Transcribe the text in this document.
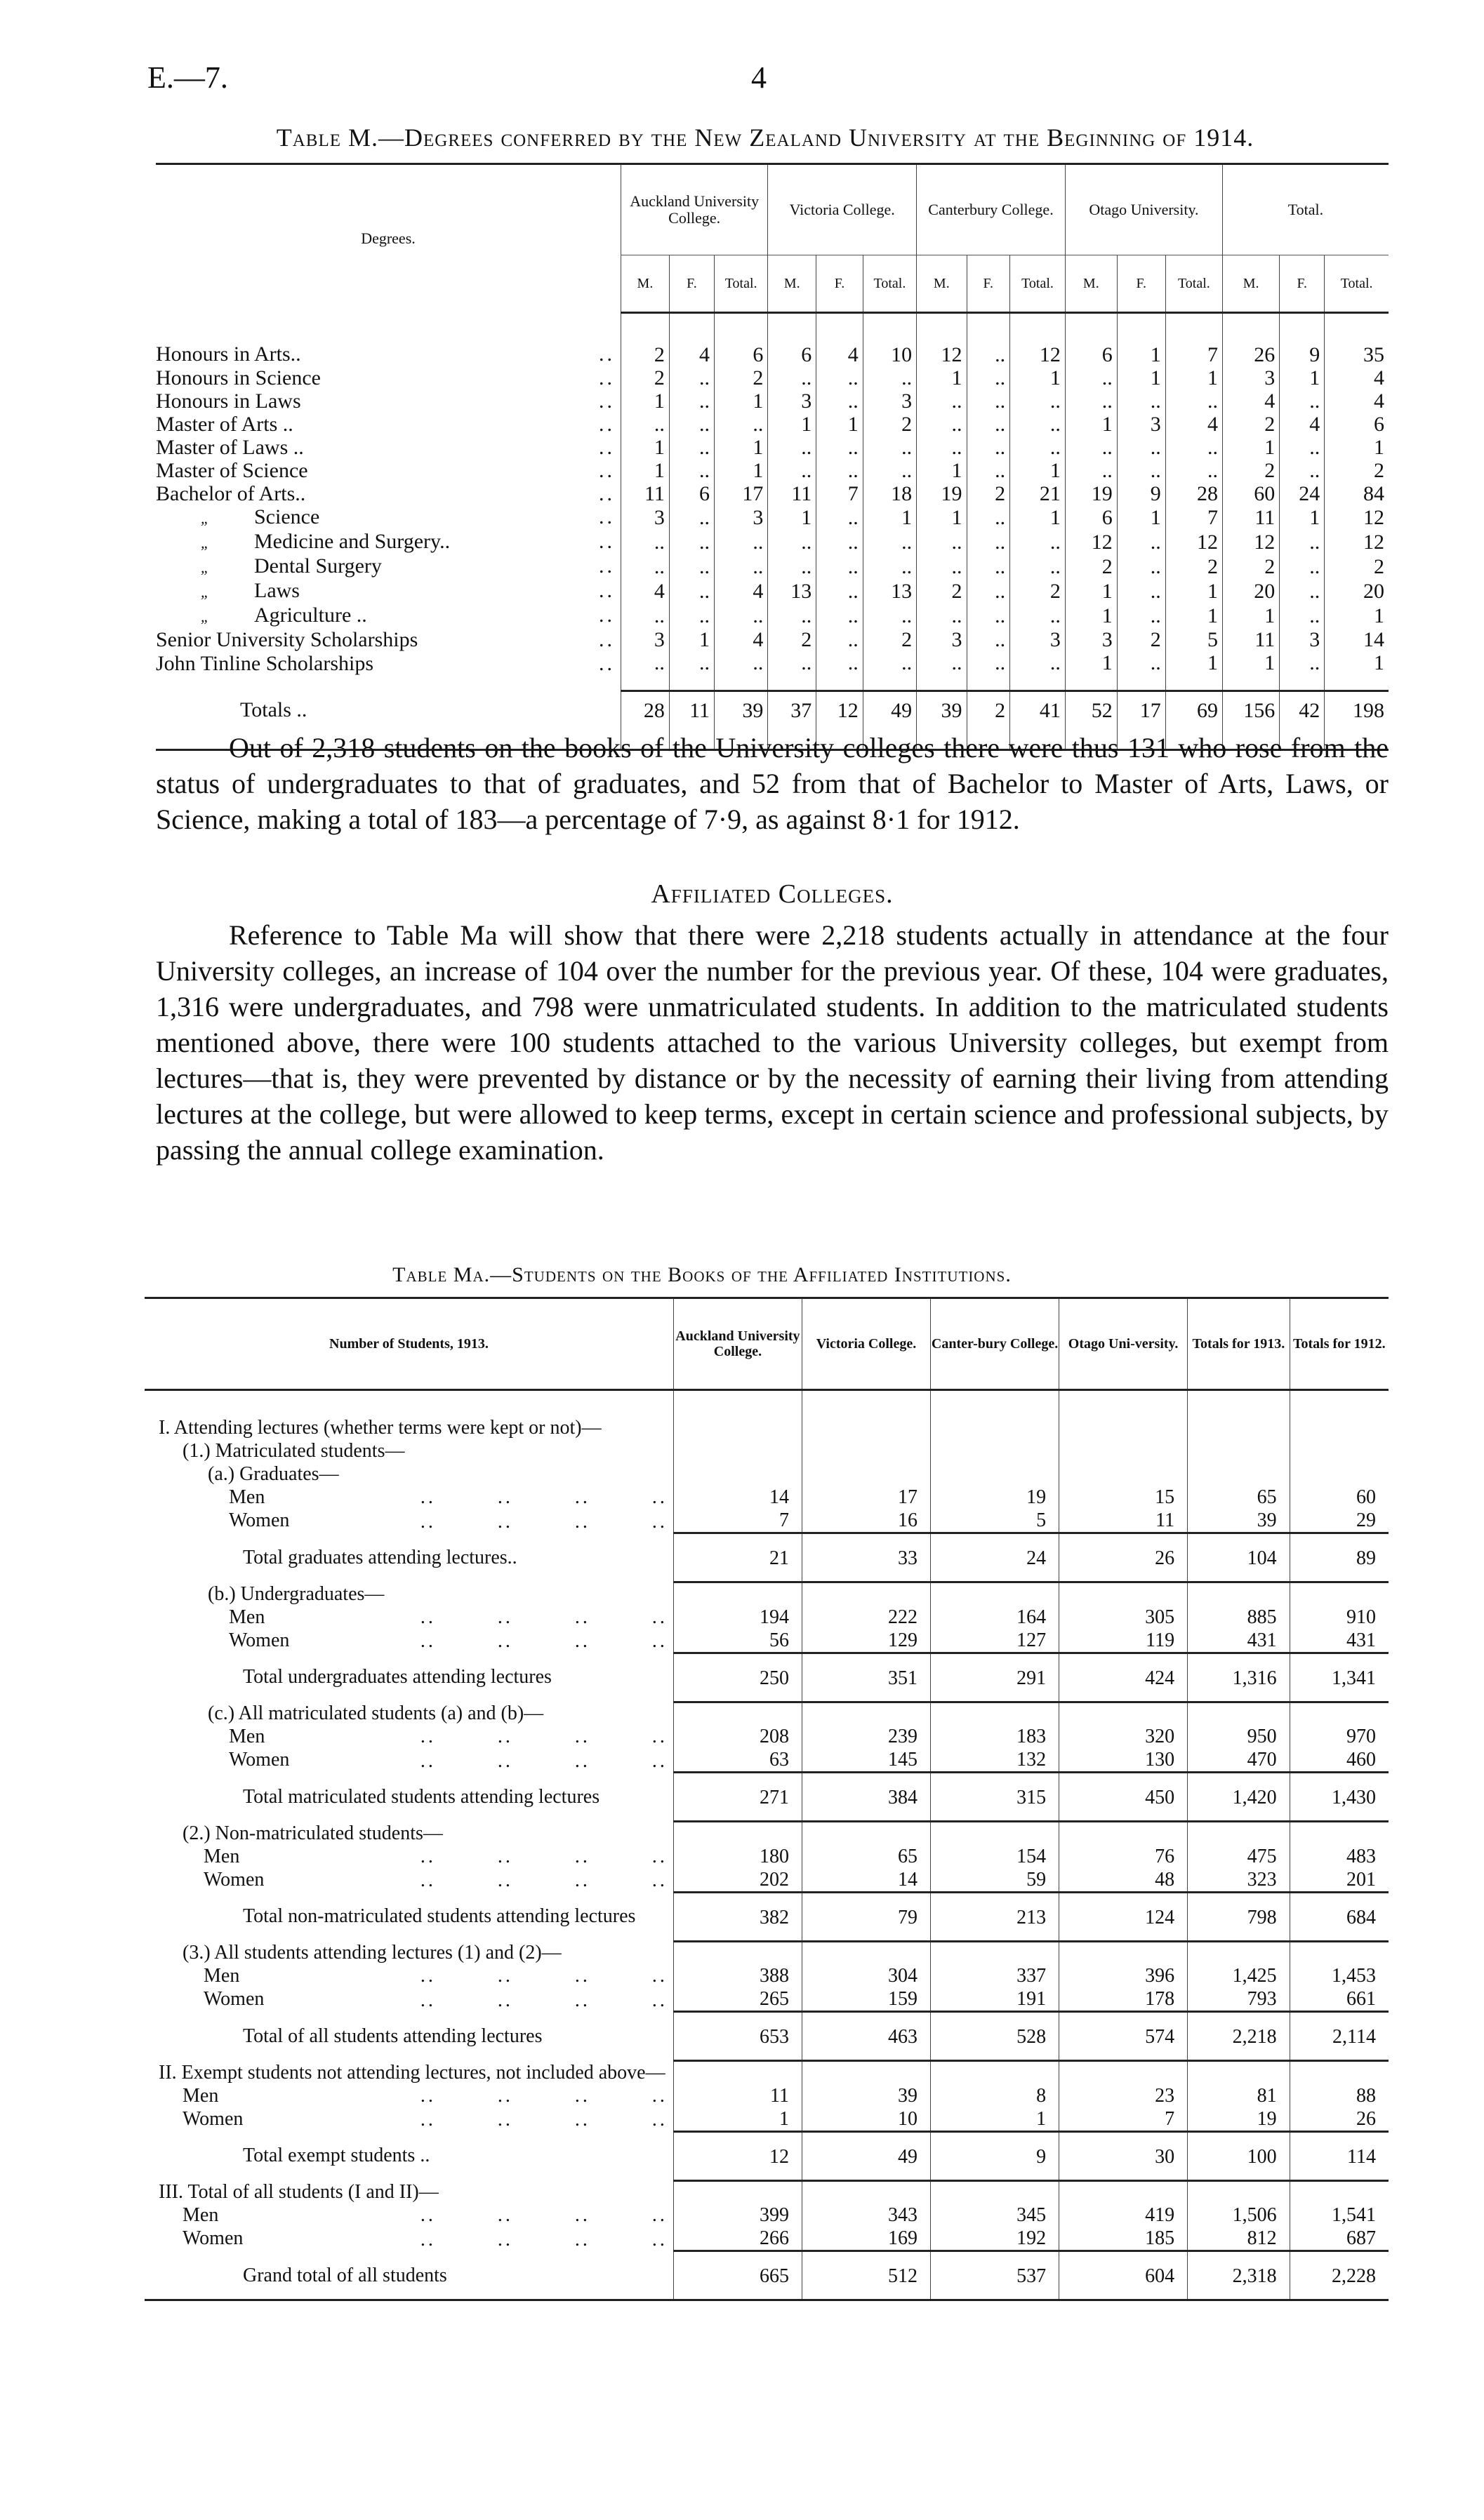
E.—7.	4
Table M.—Degrees conferred by the New Zealand University at the Beginning of 1914.
Degrees.	Auckland University College.			Victoria College.			Canterbury College.			Otago University.			Total.		
	M.	F.	Total.	M.	F.	Total.	M.	F.	Total.	M.	F.	Total.	M.	F.	Total.
Honours in Arts.. ..	2	4	6	6	4	10	12	..	12	6	1	7	26	9	35
Honours in Science ..	2	..	2	..	..	..	1	..	1	..	1	1	3	1	4
Honours in Laws ..	1	..	1	3	..	3	..	..	..	..	..	..	4	..	4
Master of Arts .. ..	..	..	..	1	1	2	..	..	..	1	3	4	2	4	6
Master of Laws .. ..	1	..	1	..	..	..	..	..	..	..	..	..	1	..	1
Master of Science ..	1	..	1	..	..	..	1	..	1	..	..	..	2	..	2
Bachelor of Arts.. ..	11	6	17	11	7	18	19	2	21	19	9	28	60	24	84
„ Science ..	3	..	3	1	..	1	1	..	1	6	1	7	11	1	12
„ Medicine and Surgery.. ..	..	..	..	..	..	..	..	..	..	12	..	12	12	..	12
„ Dental Surgery ..	..	..	..	..	..	..	..	..	..	2	..	2	2	..	2
„ Laws ..	4	..	4	13	..	13	2	..	2	1	..	1	20	..	20
„ Agriculture .. ..	..	..	..	..	..	..	..	..	..	1	..	1	1	..	1
Senior University Scholarships ..	3	1	4	2	..	2	3	..	3	3	2	5	11	3	14
John Tinline Scholarships ..	..	..	..	..	..	..	..	..	..	1	..	1	1	..	1
Totals ..	28	11	39	37	12	49	39	2	41	52	17	69	156	42	198
Out of 2,318 students on the books of the University colleges there were thus 131 who rose from the status of undergraduates to that of graduates, and 52 from that of Bachelor to Master of Arts, Laws, or Science, making a total of 183—a percentage of 7·9, as against 8·1 for 1912.
Affiliated Colleges.
Reference to Table Ma will show that there were 2,218 students actually in attendance at the four University colleges, an increase of 104 over the number for the previous year. Of these, 104 were graduates, 1,316 were undergraduates, and 798 were unmatriculated students. In addition to the matriculated students mentioned above, there were 100 students attached to the various University colleges, but exempt from lectures—that is, they were prevented by distance or by the necessity of earning their living from attending lectures at the college, but were allowed to keep terms, except in certain science and professional subjects, by passing the annual college examination.
Table Ma.—Students on the Books of the Affiliated Institutions.
Number of Students, 1913.	Auckland University College.	Victoria College.	Canter-bury College.	Otago Uni-versity.	Totals for 1913.	Totals for 1912.

I. Attending lectures (whether terms were kept or not)—						
(1.) Matriculated students—						
(a.) Graduates—						
Men ..        ..        ..        ..	14	17	19	15	65	60
Women ..        ..        ..        ..	7	16	5	11	39	29
Total graduates attending lectures..	21	33	24	26	104	89
(b.) Undergraduates—						
Men ..        ..        ..        ..	194	222	164	305	885	910
Women ..        ..        ..        ..	56	129	127	119	431	431
Total undergraduates attending lectures	250	351	291	424	1,316	1,341
(c.) All matriculated students (a) and (b)—						
Men ..        ..        ..        ..	208	239	183	320	950	970
Women ..        ..        ..        ..	63	145	132	130	470	460
Total matriculated students attending lectures	271	384	315	450	1,420	1,430
(2.) Non-matriculated students—						
Men ..        ..        ..        ..	180	65	154	76	475	483
Women ..        ..        ..        ..	202	14	59	48	323	201
Total non-matriculated students attending lectures	382	79	213	124	798	684
(3.) All students attending lectures (1) and (2)—						
Men ..        ..        ..        ..	388	304	337	396	1,425	1,453
Women ..        ..        ..        ..	265	159	191	178	793	661
Total of all students attending lectures	653	463	528	574	2,218	2,114
II. Exempt students not attending lectures, not included above—						
Men ..        ..        ..        ..	11	39	8	23	81	88
Women ..        ..        ..        ..	1	10	1	7	19	26
Total exempt students ..	12	49	9	30	100	114
III. Total of all students (I and II)—						
Men ..        ..        ..        ..	399	343	345	419	1,506	1,541
Women ..        ..        ..        ..	266	169	192	185	812	687
Grand total of all students	665	512	537	604	2,318	2,228
